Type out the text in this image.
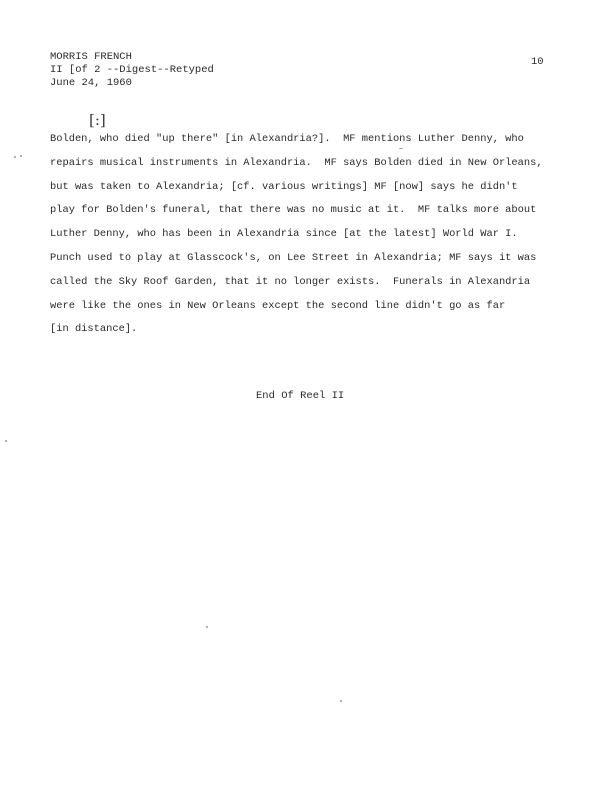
MORRIS FRENCH
II [of 2 --Digest--Retyped
June 24, 1960
10
[:]
Bolden, who died "up there" [in Alexandria?].  MF mentions Luther Denny, who
repairs musical instruments in Alexandria.  MF says Bolden died in New Orleans,
but was taken to Alexandria; [cf. various writings] MF [now] says he didn't
play for Bolden's funeral, that there was no music at it.  MF talks more about
Luther Denny, who has been in Alexandria since [at the latest] World War I.
Punch used to play at Glasscock's, on Lee Street in Alexandria; MF says it was
called the Sky Roof Garden, that it no longer exists.  Funerals in Alexandria
were like the ones in New Orleans except the second line didn't go as far
[in distance].
End Of Reel II
